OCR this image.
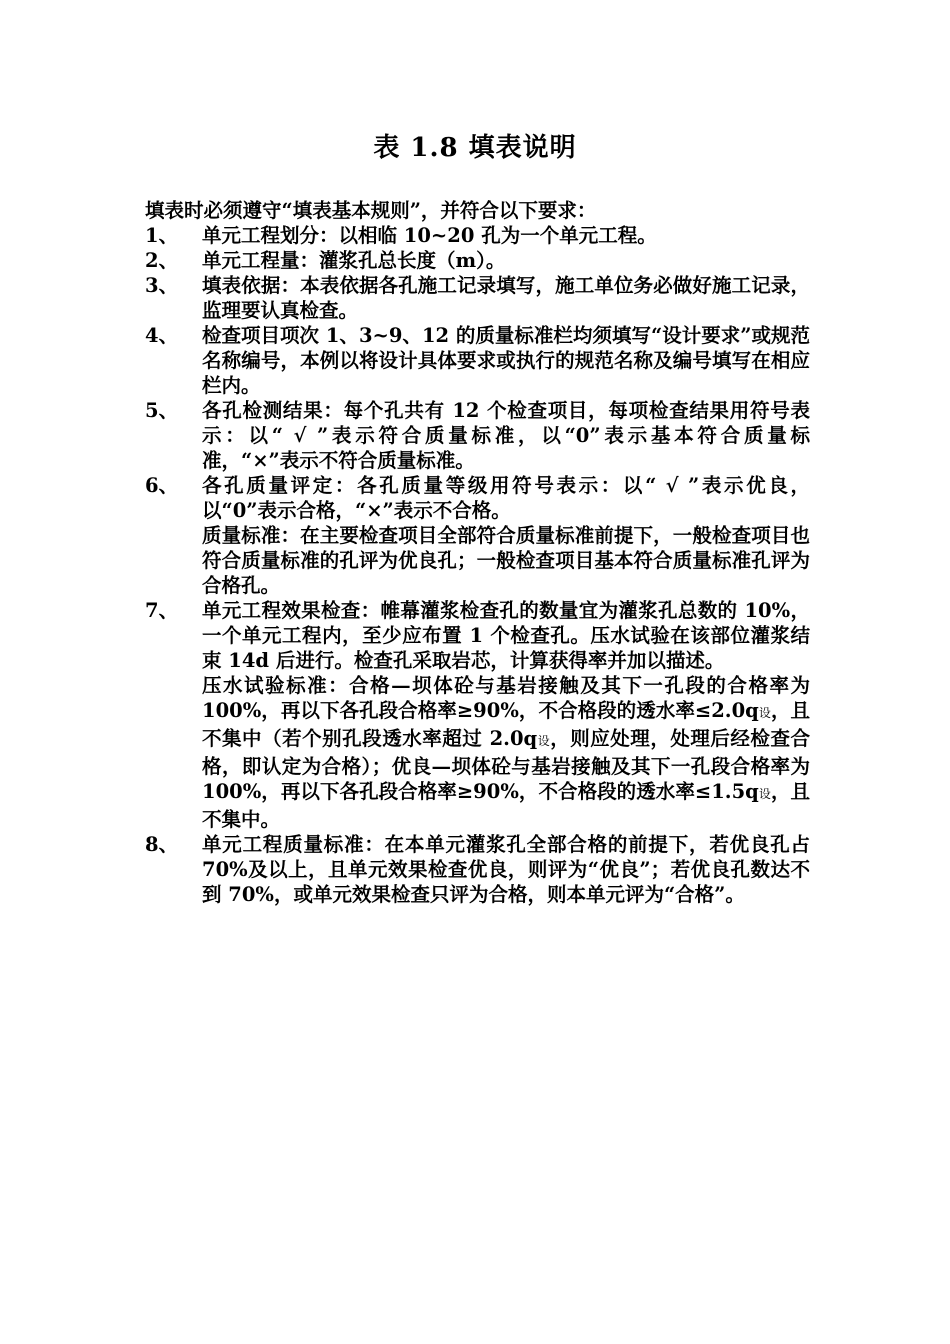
表 1.8 填表说明

填表时必须遵守“填表基本规则”，并符合以下要求：

1、 单元工程划分：以相临 10~20 孔为一个单元工程。

2、 单元工程量：灌浆孔总长度（m）。

3、 填表依据：本表依据各孔施工记录填写，施工单位务必做好施工记录，监理要认真检查。

4、 检查项目项次 1、3~9、12 的质量标准栏均须填写“设计要求”或规范名称编号，本例以将设计具体要求或执行的规范名称及编号填写在相应栏内。

5、 各孔检测结果：每个孔共有 12 个检查项目，每项检查结果用符号表示：以“ √ ”表示符合质量标准，以“0”表示基本符合质量标准，“×”表示不符合质量标准。

6、 各孔质量评定：各孔质量等级用符号表示：以“ √ ”表示优良，以“0”表示合格，“×”表示不合格。

质量标准：在主要检查项目全部符合质量标准前提下，一般检查项目也符合质量标准的孔评为优良孔；一般检查项目基本符合质量标准孔评为合格孔。

7、 单元工程效果检查：帷幕灌浆检查孔的数量宜为灌浆孔总数的 10%，一个单元工程内，至少应布置 1 个检查孔。压水试验在该部位灌浆结束 14d 后进行。检查孔采取岩芯，计算获得率并加以描述。

压水试验标准：合格—坝体砼与基岩接触及其下一孔段的合格率为 100%，再以下各孔段合格率≥90%，不合格段的透水率≤2.0q设，且不集中（若个别孔段透水率超过 2.0q设，则应处理，处理后经检查合格，即认定为合格）；优良—坝体砼与基岩接触及其下一孔段合格率为 100%，再以下各孔段合格率≥90%，不合格段的透水率≤1.5q设，且不集中。

8、 单元工程质量标准：在本单元灌浆孔全部合格的前提下，若优良孔占 70%及以上，且单元效果检查优良，则评为“优良”；若优良孔数达不到 70%，或单元效果检查只评为合格，则本单元评为“合格”。
